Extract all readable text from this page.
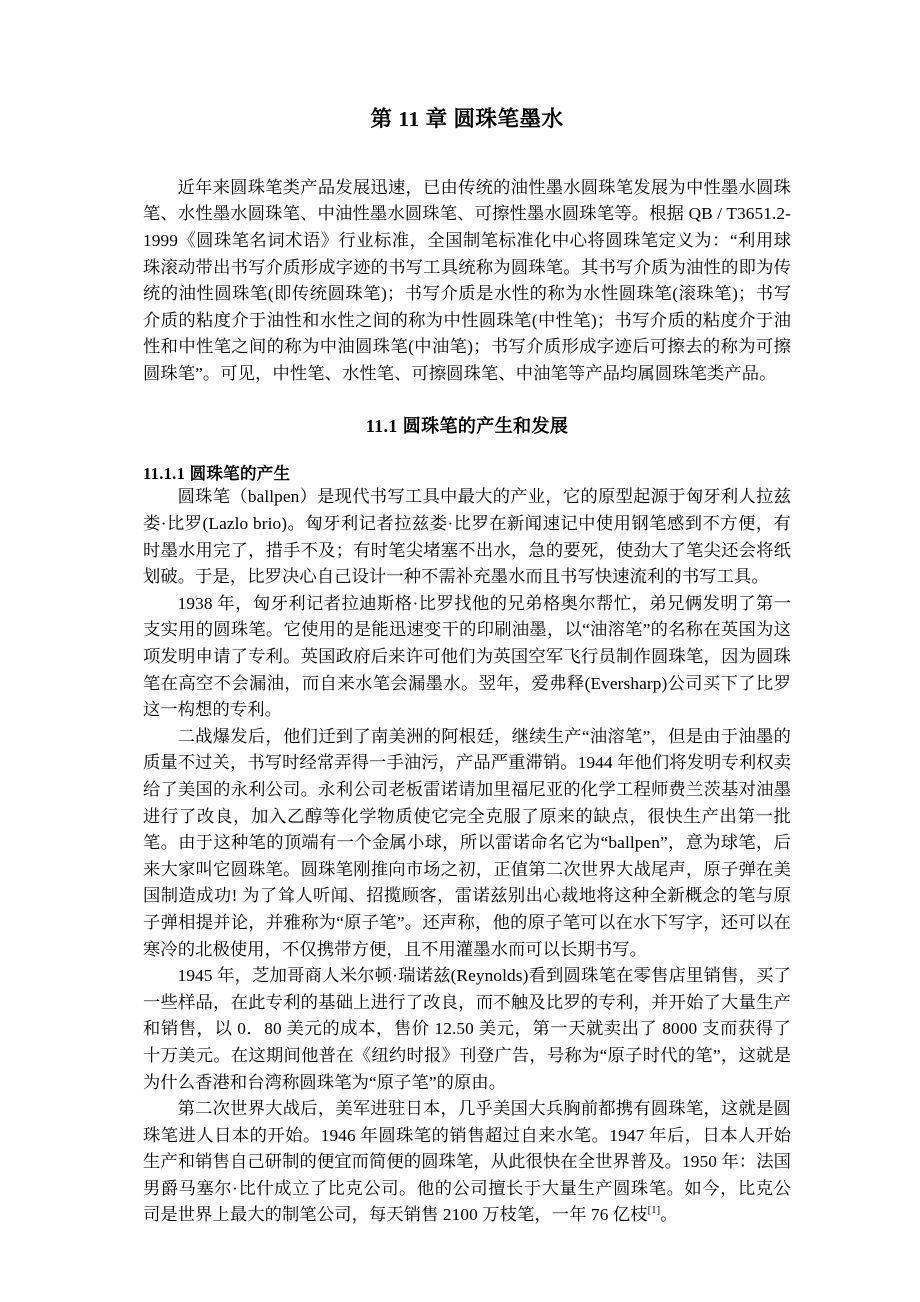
第 11 章 圆珠笔墨水

近年来圆珠笔类产品发展迅速，已由传统的油性墨水圆珠笔发展为中性墨水圆珠笔、水性墨水圆珠笔、中油性墨水圆珠笔、可擦性墨水圆珠笔等。根据 QB / T3651.2-1999《圆珠笔名词术语》行业标准，全国制笔标准化中心将圆珠笔定义为：“利用球珠滚动带出书写介质形成字迹的书写工具统称为圆珠笔。其书写介质为油性的即为传统的油性圆珠笔(即传统圆珠笔)；书写介质是水性的称为水性圆珠笔(滚珠笔)；书写介质的粘度介于油性和水性之间的称为中性圆珠笔(中性笔)；书写介质的粘度介于油性和中性笔之间的称为中油圆珠笔(中油笔)；书写介质形成字迹后可擦去的称为可擦圆珠笔”。可见，中性笔、水性笔、可擦圆珠笔、中油笔等产品均属圆珠笔类产品。

11.1 圆珠笔的产生和发展
11.1.1 圆珠笔的产生

圆珠笔（ballpen）是现代书写工具中最大的产业，它的原型起源于匈牙利人拉兹娄·比罗(Lazlo brio)。匈牙利记者拉兹娄·比罗在新闻速记中使用钢笔感到不方便，有时墨水用完了，措手不及；有时笔尖堵塞不出水，急的要死，使劲大了笔尖还会将纸划破。于是，比罗决心自己设计一种不需补充墨水而且书写快速流利的书写工具。

1938 年，匈牙利记者拉迪斯格·比罗找他的兄弟格奥尔帮忙，弟兄俩发明了第一支实用的圆珠笔。它使用的是能迅速变干的印刷油墨，以“油溶笔”的名称在英国为这项发明申请了专利。英国政府后来许可他们为英国空军飞行员制作圆珠笔，因为圆珠笔在高空不会漏油，而自来水笔会漏墨水。翌年，爱弗释(Eversharp)公司买下了比罗这一构想的专利。

二战爆发后，他们迁到了南美洲的阿根廷，继续生产“油溶笔”，但是由于油墨的质量不过关，书写时经常弄得一手油污，产品严重滞销。1944 年他们将发明专利权卖给了美国的永利公司。永利公司老板雷诺请加里福尼亚的化学工程师费兰茨基对油墨进行了改良，加入乙醇等化学物质使它完全克服了原来的缺点，很快生产出第一批笔。由于这种笔的顶端有一个金属小球，所以雷诺命名它为“ballpen”，意为球笔，后来大家叫它圆珠笔。圆珠笔刚推向市场之初，正值第二次世界大战尾声，原子弹在美国制造成功! 为了耸人听闻、招揽顾客，雷诺兹别出心裁地将这种全新概念的笔与原子弹相提并论，并雅称为“原子笔”。还声称，他的原子笔可以在水下写字，还可以在寒冷的北极使用，不仅携带方便，且不用灌墨水而可以长期书写。

1945 年，芝加哥商人米尔顿·瑞诺兹(Reynolds)看到圆珠笔在零售店里销售，买了一些样品，在此专利的基础上进行了改良，而不触及比罗的专利，并开始了大量生产和销售，以 0．80 美元的成本，售价 12.50 美元，第一天就卖出了 8000 支而获得了十万美元。在这期间他普在《纽约时报》刊登广告，号称为“原子时代的笔”，这就是为什么香港和台湾称圆珠笔为“原子笔”的原由。

第二次世界大战后，美军进驻日本，几乎美国大兵胸前都携有圆珠笔，这就是圆珠笔进人日本的开始。1946 年圆珠笔的销售超过自来水笔。1947 年后，日本人开始生产和销售自己研制的便宜而简便的圆珠笔，从此很快在全世界普及。1950 年：法国男爵马塞尔·比什成立了比克公司。他的公司擅长于大量生产圆珠笔。如今，比克公司是世界上最大的制笔公司，每天销售 2100 万枝笔，一年 76 亿枝[1]。
